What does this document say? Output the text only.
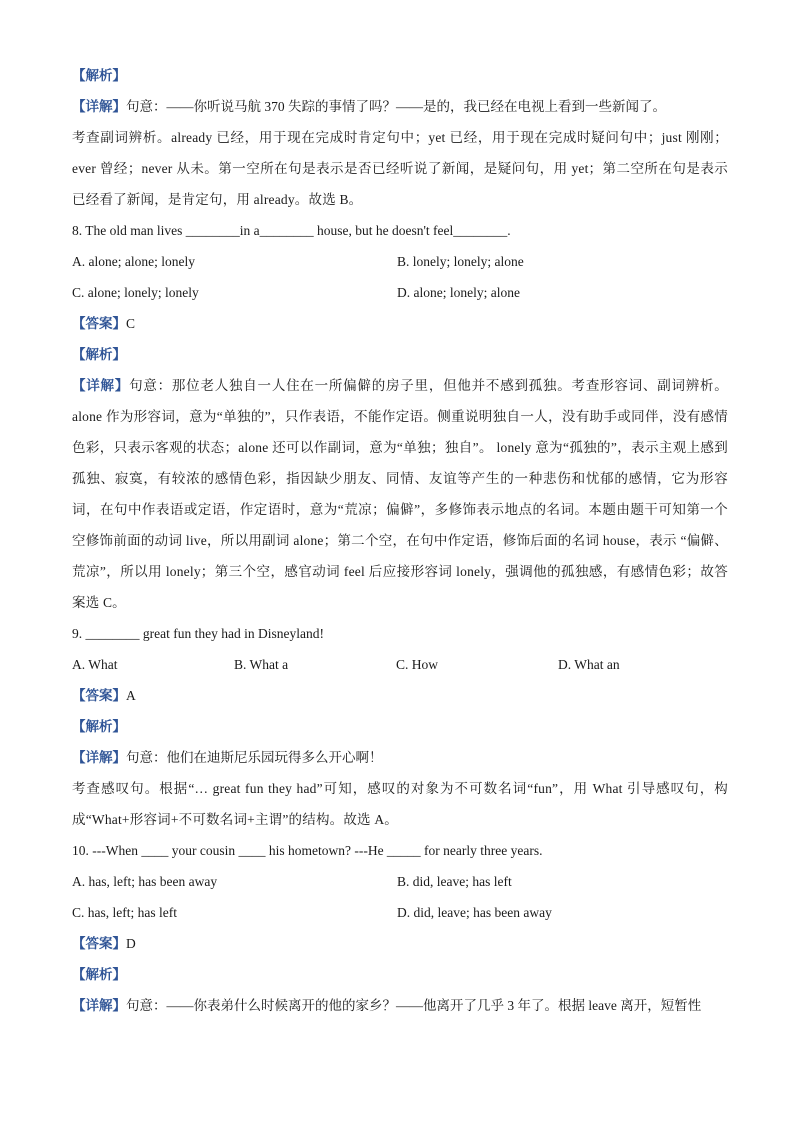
【解析】
【详解】句意：——你听说马航 370 失踪的事情了吗？——是的，我已经在电视上看到一些新闻了。
考查副词辨析。already 已经，用于现在完成时肯定句中；yet 已经，用于现在完成时疑问句中；just 刚刚；ever 曾经；never 从未。第一空所在句是表示是否已经听说了新闻，是疑问句，用 yet；第二空所在句是表示已经看了新闻，是肯定句，用 already。故选 B。
8. The old man lives ________in a________ house, but he doesn't feel________.
A. alone; alone; lonely	B. lonely; lonely; alone
C. alone; lonely; lonely	D. alone; lonely; alone
【答案】C
【解析】
【详解】句意：那位老人独自一人住在一所偏僻的房子里，但他并不感到孤独。考查形容词、副词辨析。alone 作为形容词，意为“单独的”，只作表语，不能作定语。侧重说明独自一人，没有助手或同伴，没有感情色彩，只表示客观的状态；alone 还可以作副词，意为“单独；独自”。 lonely 意为“孤独的”，表示主观上感到孤独、寂寞，有较浓的感情色彩，指因缺少朋友、同情、友谊等产生的一种悲伤和忧郁的感情，它为形容词，在句中作表语或定语，作定语时，意为“荒凉；偏僻”，多修饰表示地点的名词。本题由题干可知第一个空修饰前面的动词 live，所以用副词 alone；第二个空，在句中作定语，修饰后面的名词 house，表示 “偏僻、荒凉”，所以用 lonely；第三个空，感官动词 feel 后应接形容词 lonely，强调他的孤独感，有感情色彩；故答案选 C。
9. ________ great fun they had in Disneyland!
A. What	B. What a	C. How	D. What an
【答案】A
【解析】
【详解】句意：他们在迪斯尼乐园玩得多么开心啊！
考查感叹句。根据“… great fun they had”可知，感叹的对象为不可数名词“fun”，用 What 引导感叹句，构成“What+形容词+不可数名词+主谓”的结构。故选 A。
10. ---When ____ your cousin ____ his hometown? ---He _____ for nearly three years.
A. has, left; has been away	B. did, leave; has left
C. has, left; has left	D. did, leave; has been away
【答案】D
【解析】
【详解】句意：——你表弟什么时候离开的他的家乡？——他离开了几乎 3 年了。根据 leave 离开，短暂性
